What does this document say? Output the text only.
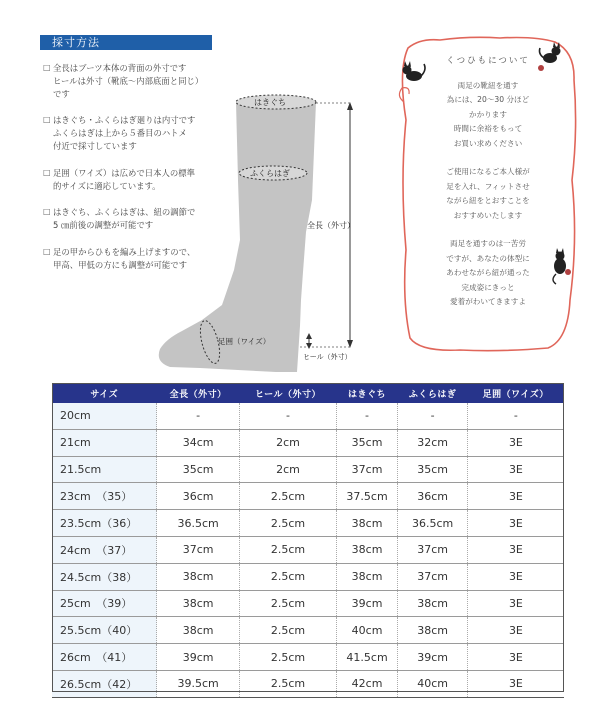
採寸方法
□ 全長はブーツ本体の背面の外寸です
ヒールは外寸（靴底～内部底面と同じ）
です
□ はきぐち・ふくらはぎ廻りは内寸です
ふくらはぎは上から５番目のハトメ
付近で採寸しています
□ 足囲（ワイズ）は広めで日本人の標準
的サイズに適応しています。
□ はきぐち、ふくらはぎは、紐の調節で
5 ㎝前後の調整が可能です
□ 足の甲からひもを編み上げますので、
甲高、甲低の方にも調整が可能です
はきぐち
ふくらはぎ
全長（外寸）
足囲（ワイズ）
ヒール（外寸）
くつひもについて

両足の靴紐を通す

為には、20～30 分ほど

かかります

時間に余裕をもって

お買い求めください

ご使用になるご本人様が

足を入れ、フィットさせ

ながら紐をとおすことを

おすすめいたします

両足を通すのは一苦労

ですが、あなたの体型に

あわせながら紐が通った

完成姿にきっと

愛着がわいてきますよ

サイズ	全長（外寸）	ヒール（外寸）	はきぐち	ふくらはぎ	足囲（ワイズ）
20cm	-	-	-	-	-
21cm	34cm	2cm	35cm	32cm	3E
21.5cm	35cm	2cm	37cm	35cm	3E
23cm　（35）	36cm	2.5cm	37.5cm	36cm	3E
23.5cm（36）	36.5cm	2.5cm	38cm	36.5cm	3E
24cm　（37）	37cm	2.5cm	38cm	37cm	3E
24.5cm（38）	38cm	2.5cm	38cm	37cm	3E
25cm　（39）	38cm	2.5cm	39cm	38cm	3E
25.5cm（40）	38cm	2.5cm	40cm	38cm	3E
26cm　（41）	39cm	2.5cm	41.5cm	39cm	3E
26.5cm（42）	39.5cm	2.5cm	42cm	40cm	3E
